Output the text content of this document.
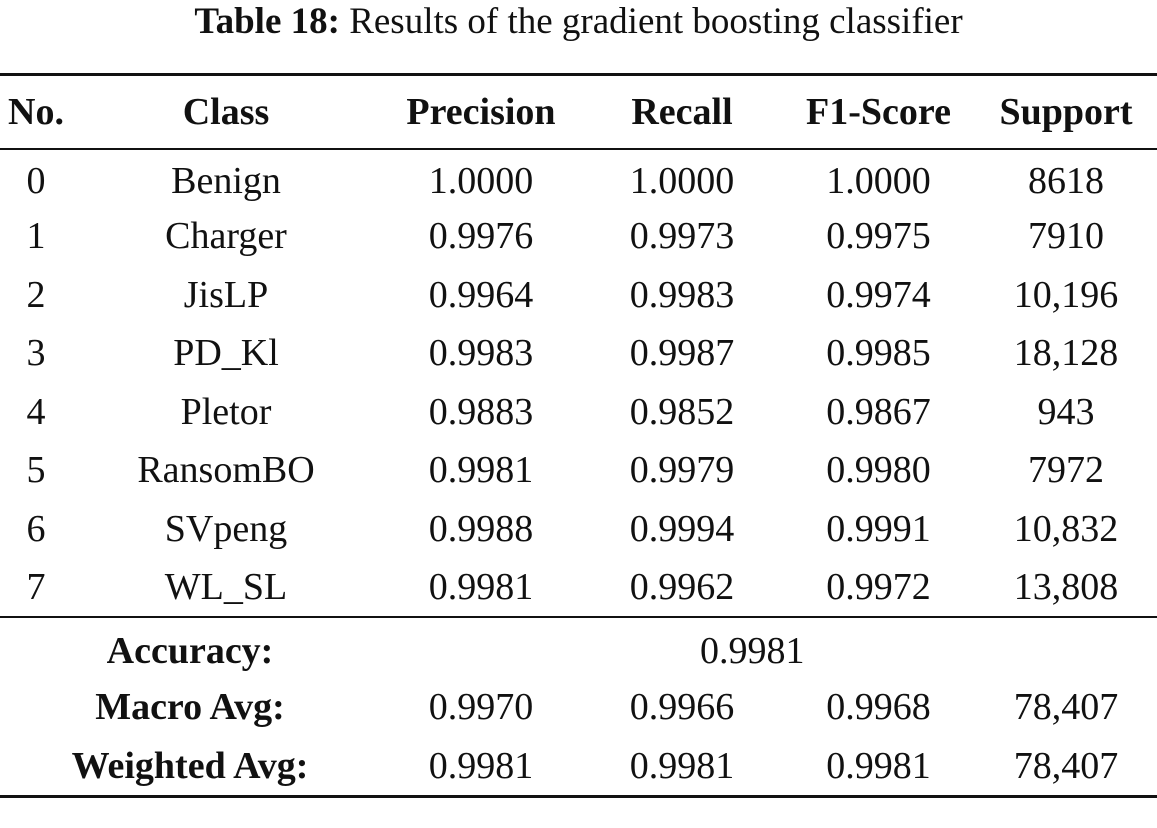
Table 18: Results of the gradient boosting classifier
No.	Class	Precision	Recall	F1-Score	Support
0	Benign	1.0000	1.0000	1.0000	8618
1	Charger	0.9976	0.9973	0.9975	7910
2	JisLP	0.9964	0.9983	0.9974	10,196
3	PD_Kl	0.9983	0.9987	0.9985	18,128
4	Pletor	0.9883	0.9852	0.9867	943
5	RansomBO	0.9981	0.9979	0.9980	7972
6	SVpeng	0.9988	0.9994	0.9991	10,832
7	WL_SL	0.9981	0.9962	0.9972	13,808
Accuracy:		0.9981			
Macro Avg:		0.9970	0.9966	0.9968	78,407
Weighted Avg:		0.9981	0.9981	0.9981	78,407
